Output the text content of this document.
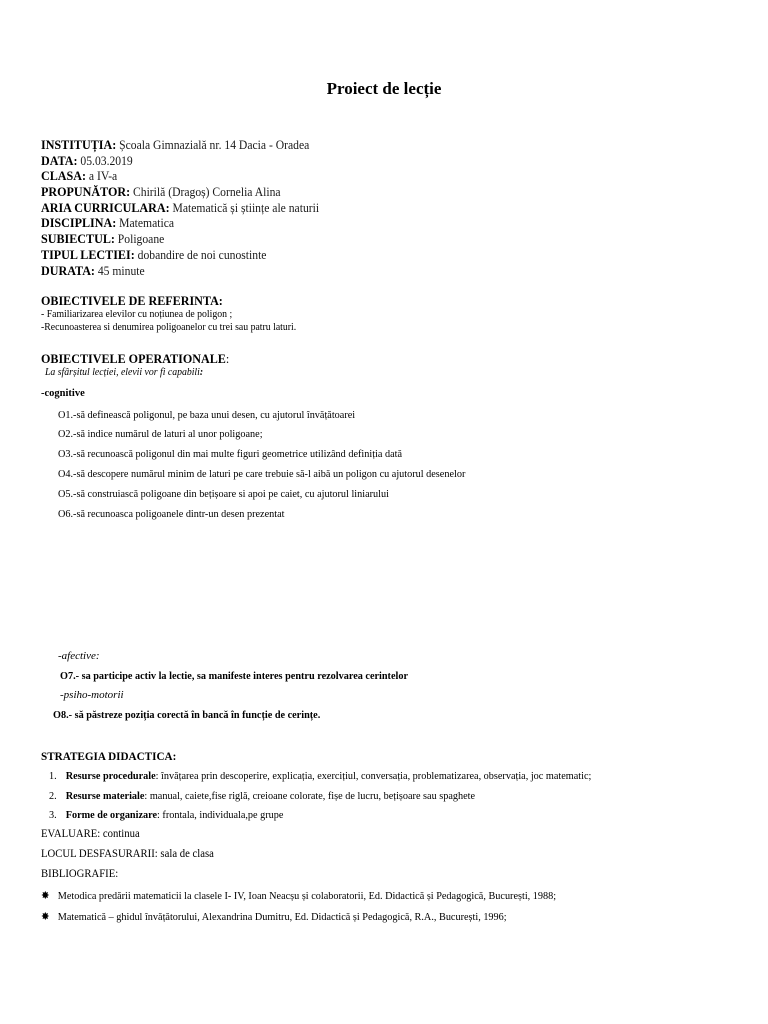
Proiect de lecție
INSTITUȚIA: Școala Gimnazială nr. 14 Dacia - Oradea
DATA: 05.03.2019
CLASA: a IV-a
PROPUNĂTOR: Chirilă (Dragoș) Cornelia Alina
ARIA CURRICULARA: Matematică și științe ale naturii
DISCIPLINA: Matematica
SUBIECTUL: Poligoane
TIPUL LECTIEI: dobandire de noi cunostinte
DURATA: 45 minute
OBIECTIVELE DE REFERINTA:
- Familiarizarea elevilor cu noțiunea de poligon ;
-Recunoasterea si denumirea poligoanelor cu trei sau patru laturi.
OBIECTIVELE OPERATIONALE:
La sfârșitul lecției, elevii vor fi capabili:
-cognitive
O1.-să definească poligonul, pe baza unui desen, cu ajutorul învățătoarei
O2.-să indice numărul de laturi al unor poligoane;
O3.-să recunoască poligonul din mai multe figuri geometrice utilizând definiția dată
O4.-să descopere numărul minim de laturi pe care trebuie să-l aibă un poligon cu ajutorul desenelor
O5.-să construiască poligoane din bețișoare si apoi pe caiet, cu ajutorul liniarului
O6.-să recunoasca poligoanele dintr-un desen prezentat
-afective:
O7.- sa participe activ la lectie, sa manifeste interes pentru rezolvarea cerintelor
-psiho-motorii
O8.- să păstreze poziția corectă în bancă în funcție de cerințe.
STRATEGIA DIDACTICA:
1. Resurse procedurale: învățarea prin descoperire, explicația, exercițiul, conversația, problematizarea, observația, joc matematic;
2. Resurse materiale: manual, caiete,fise riglă, creioane colorate, fișe de lucru, bețișoare sau spaghete
3. Forme de organizare: frontala, individuala,pe grupe
EVALUARE: continua
LOCUL DESFASURARII: sala de clasa
BIBLIOGRAFIE:
✸ Metodica predării matematicii la clasele I- IV, Ioan Neacșu și colaboratorii, Ed. Didactică și Pedagogică, București, 1988;
✸ Matematică – ghidul învățătorului, Alexandrina Dumitru, Ed. Didactică și Pedagogică, R.A., București, 1996;
